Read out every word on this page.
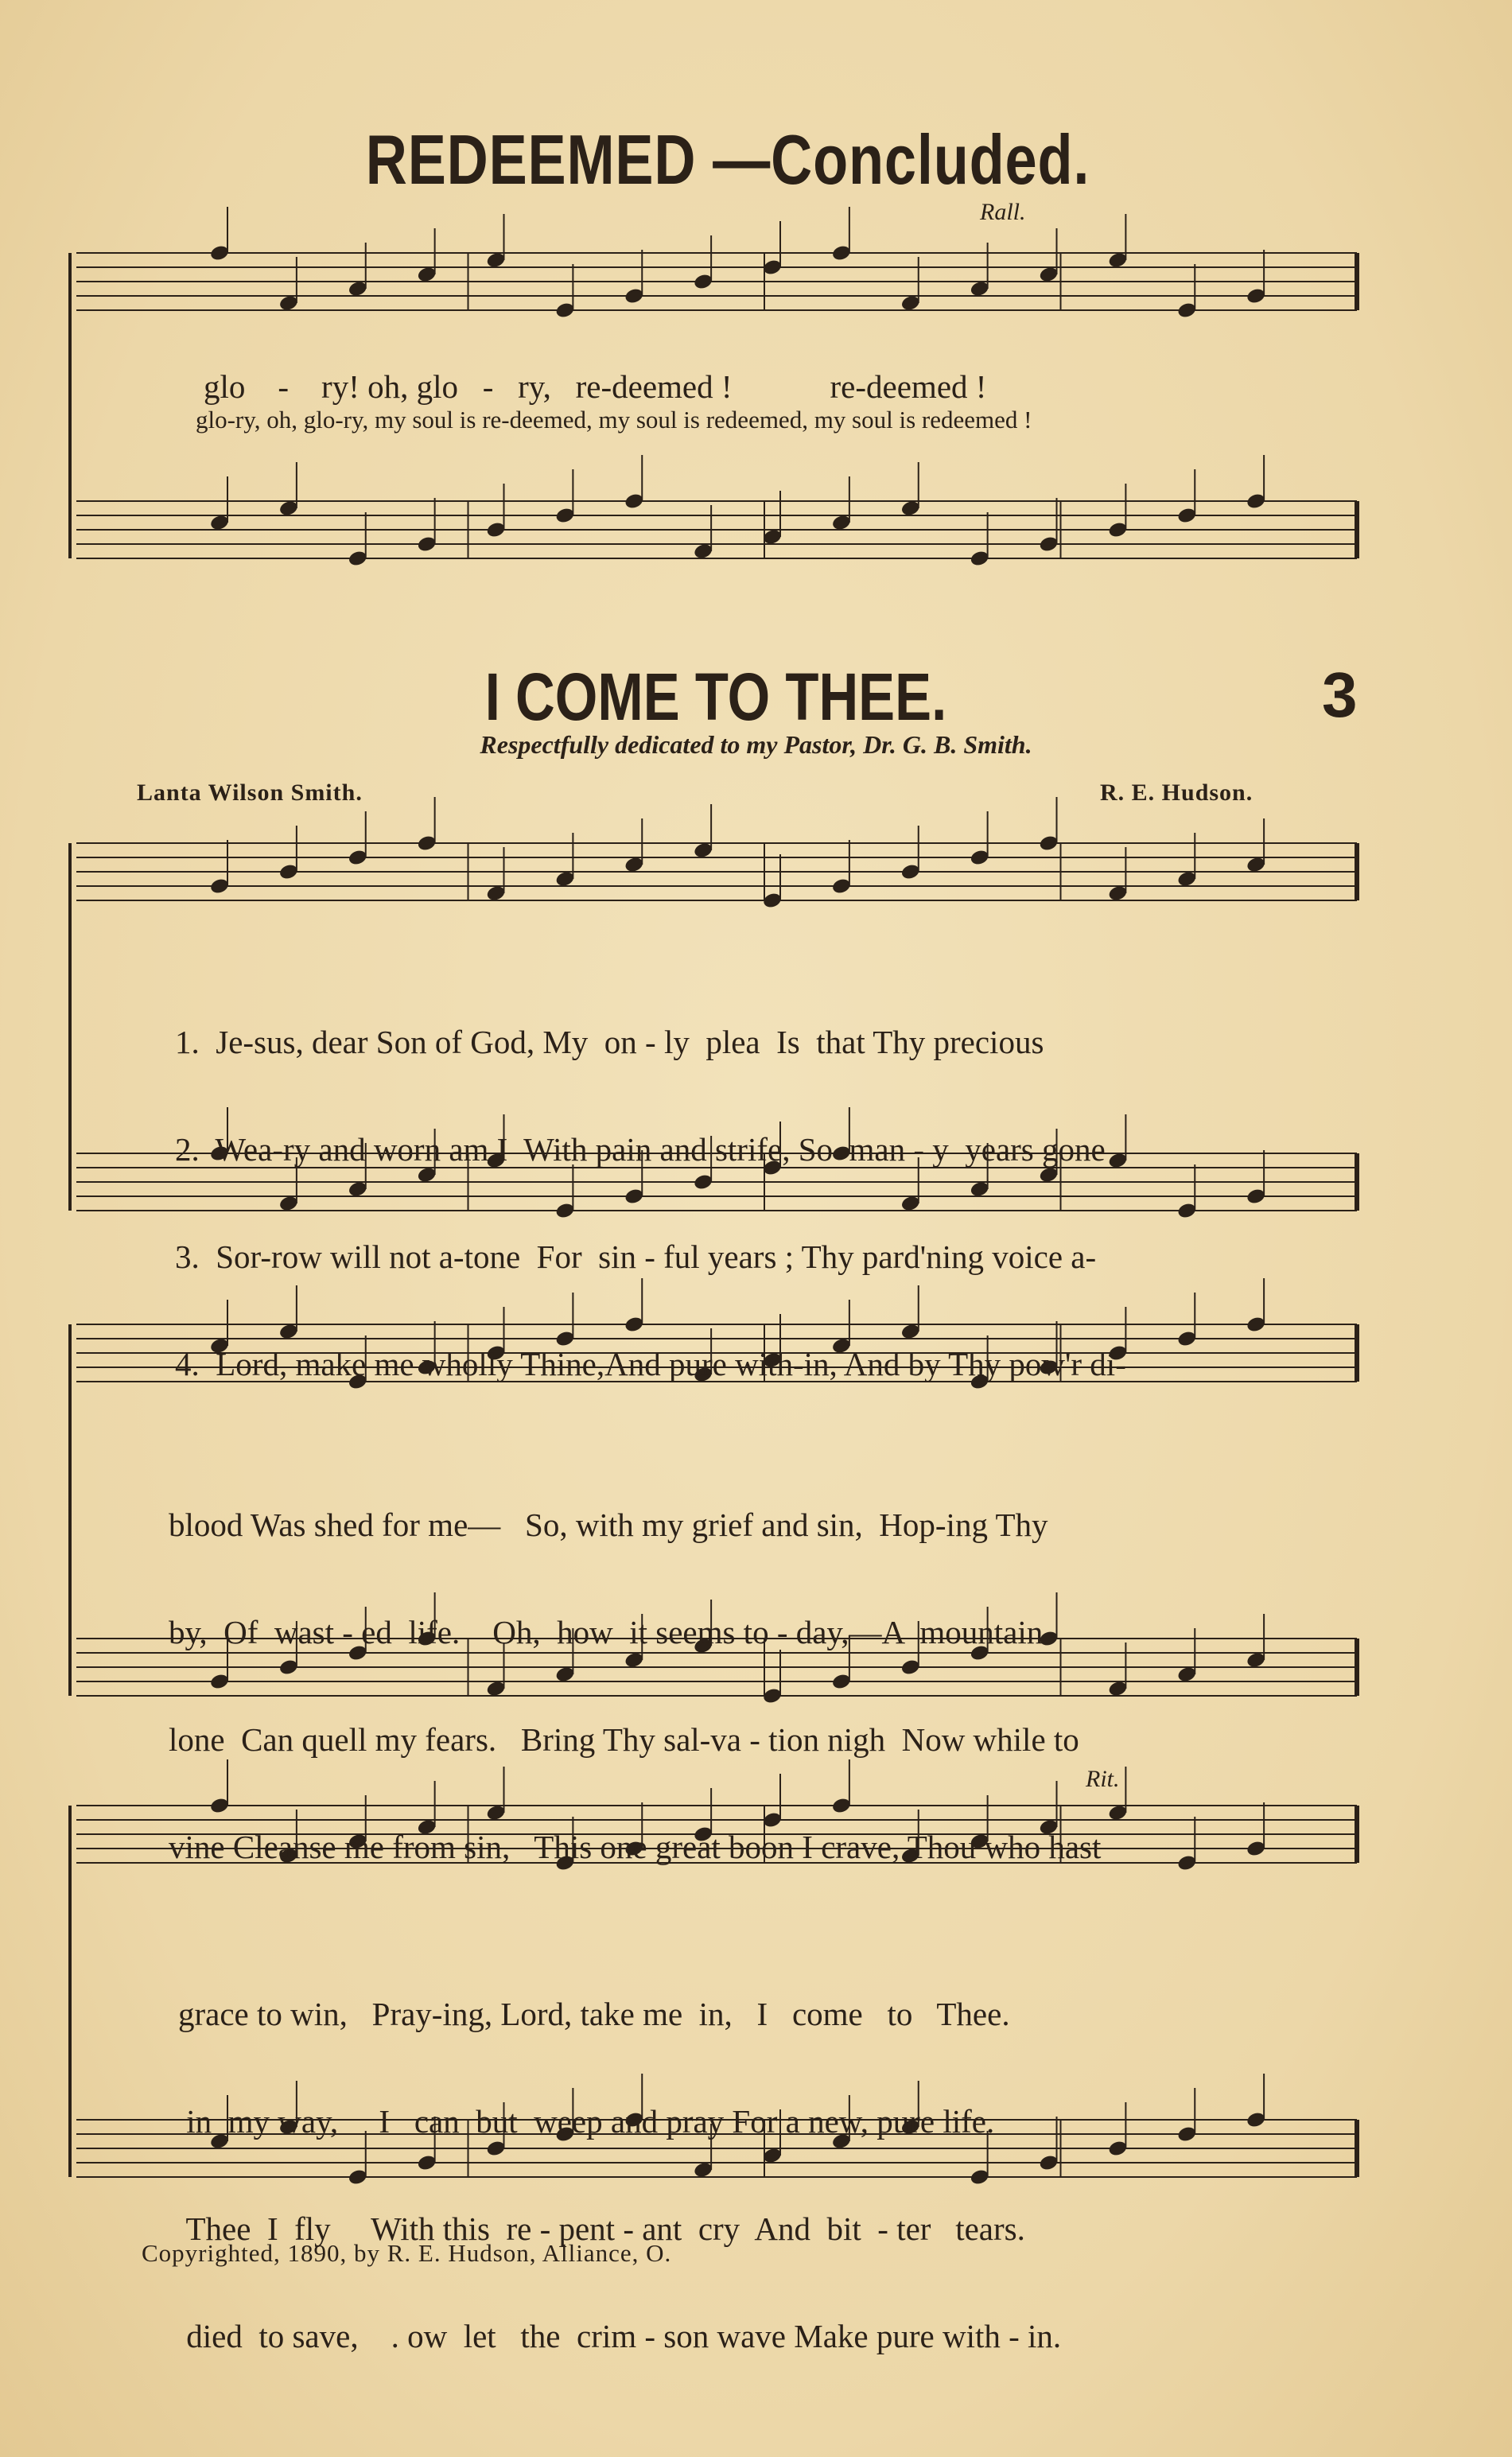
REDEEMED —Concluded.
Rall.
glo    -    ry! oh, glo   -   ry,   re-deemed !            re-deemed !
glo-ry, oh, glo-ry, my soul is re-deemed, my soul is redeemed, my soul is redeemed !
I COME TO THEE.	3
Respectfully dedicated to my Pastor, Dr. G. B. Smith.
Lanta Wilson Smith.	R. E. Hudson.

1.  Je-sus, dear Son of God, My  on - ly  plea  Is  that Thy precious

2.  Wea-ry and worn am I  With pain and strife, So  man - y  years gone

3.  Sor-row will not a-tone  For  sin - ful years ; Thy pard'ning voice a-

4.  Lord, make me wholly Thine,And pure with-in, And by Thy pow'r di-

blood Was shed for me—   So, with my grief and sin,  Hop-ing Thy

by,  Of  wast - ed  life.    Oh,  how  it seems to - day,—A  mountain

lone  Can quell my fears.   Bring Thy sal-va - tion nigh  Now while to

vine Cleanse me from sin,   This one great boon I crave, Thou who hast

Rit.

grace to win,   Pray-ing, Lord, take me  in,   I   come   to   Thee.

in  my way,     I   can  but  weep and pray For a new, pure life.

Thee  I  fly     With this  re - pent - ant  cry  And  bit  - ter   tears.

died  to save,    . ow  let   the  crim - son wave Make pure with - in.

Copyrighted, 1890, by R. E. Hudson, Alliance, O.
